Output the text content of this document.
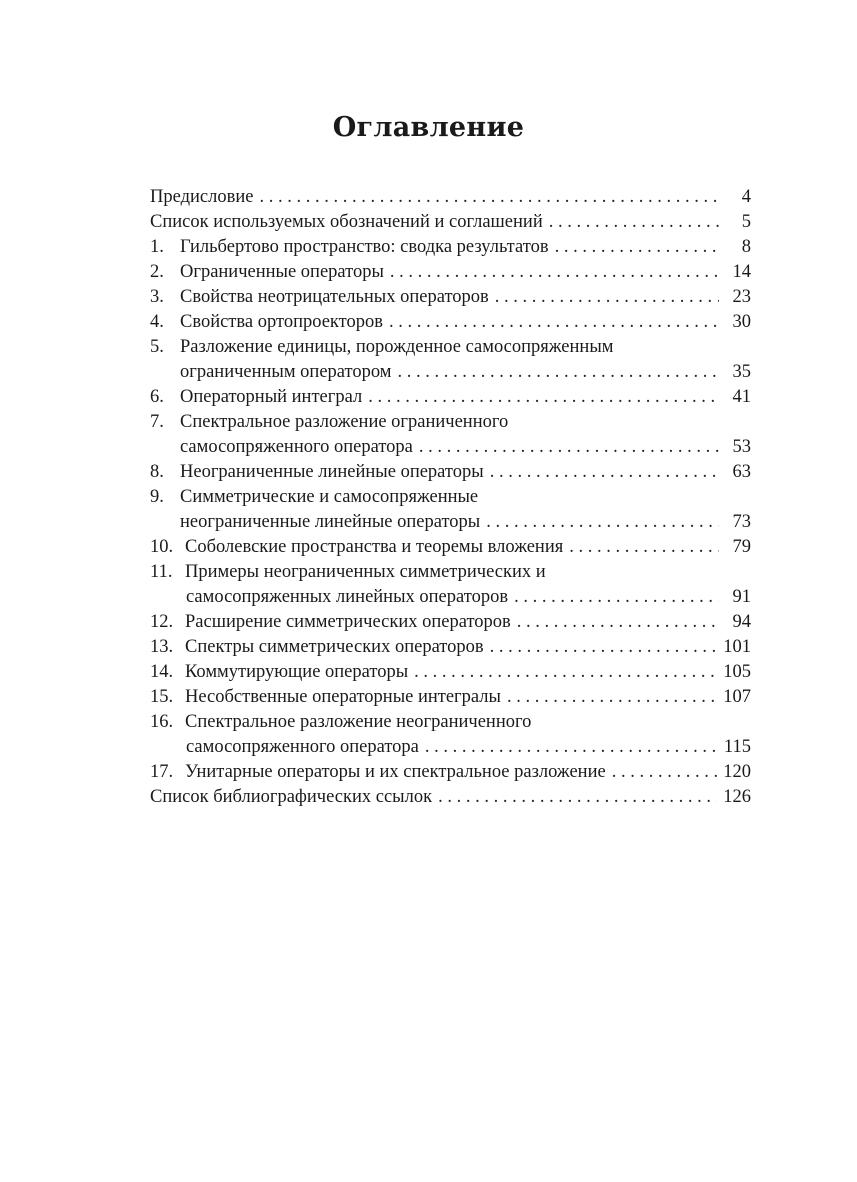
Оглавление
Предисловие . . .	4
Список используемых обозначений и соглашений . . .	5
1. Гильбертово пространство: сводка результатов . . .	8
2. Ограниченные операторы . . .	14
3. Свойства неотрицательных операторов . . .	23
4. Свойства ортопроекторов . . .	30
5. Разложение единицы, порожденное самосопряженным
ограниченным оператором . . .	35
6. Операторный интеграл . . .	41
7. Спектральное разложение ограниченного
самосопряженного оператора . . .	53
8. Неограниченные линейные операторы . . .	63
9. Симметрические и самосопряженные
неограниченные линейные операторы . . .	73
10. Соболевские пространства и теоремы вложения . . .	79
11. Примеры неограниченных симметрических и
самосопряженных линейных операторов . . .	91
12. Расширение симметрических операторов . . .	94
13. Спектры симметрических операторов . . .	101
14. Коммутирующие операторы . . .	105
15. Несобственные операторные интегралы . . .	107
16. Спектральное разложение неограниченного
самосопряженного оператора . . .	115
17. Унитарные операторы и их спектральное разложение . . .	120
Список библиографических ссылок . . .	126
